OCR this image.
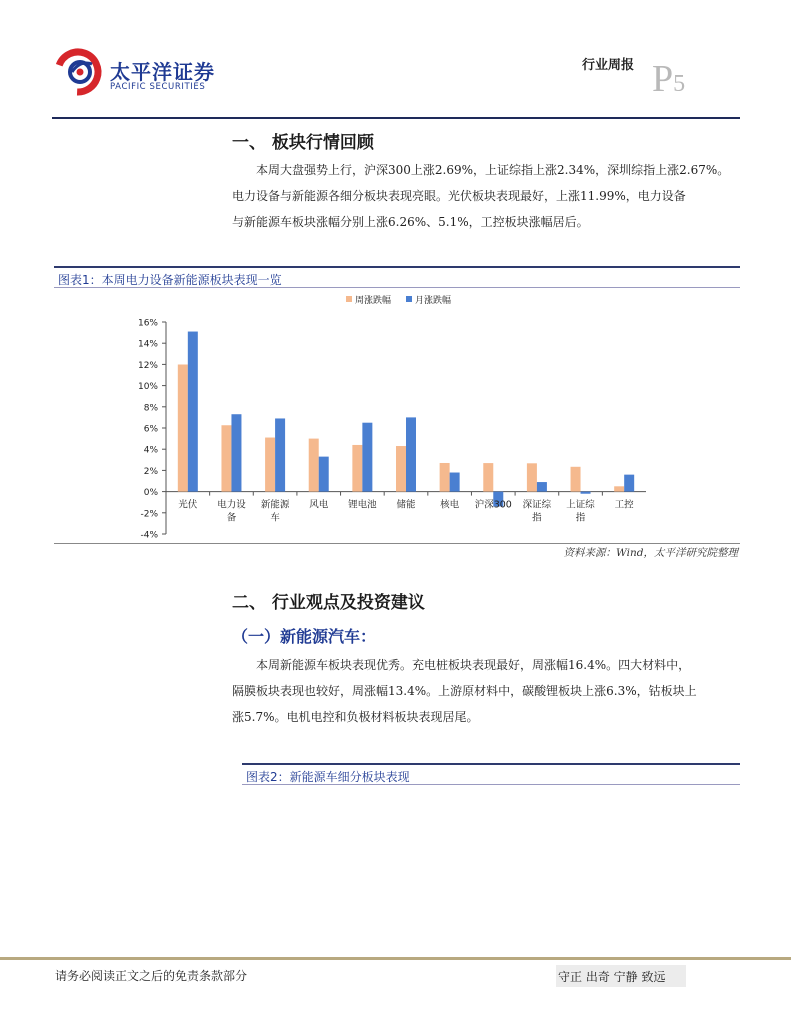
太平洋证券
PACIFIC SECURITIES
行业周报 P5
一、 板块行情回顾

本周大盘强势上行，沪深300上涨2.69%，上证综指上涨2.34%，深圳综指上涨2.67%。

电力设备与新能源各细分板块表现亮眼。光伏板块表现最好，上涨11.99%，电力设备

与新能源车板块涨幅分别上涨6.26%、5.1%，工控板块涨幅居后。

图表1：本周电力设备新能源板块表现一览
16%
14%
12%
10%
8%
6%
4%
2%
0%
-2%
-4%
光伏 电力设
备
新能源
车
风电 锂电池 储能	核电 沪深300 深证综
指
上证综
指
工控
周涨跌幅	月涨跌幅
资料来源：Wind，太平洋研究院整理
二、 行业观点及投资建议
（一）新能源汽车：

本周新能源车板块表现优秀。充电桩板块表现最好，周涨幅16.4%。四大材料中，

隔膜板块表现也较好，周涨幅13.4%。上游原材料中，碳酸锂板块上涨6.3%，钴板块上

涨5.7%。电机电控和负极材料板块表现居尾。

图表2：新能源车细分板块表现
请务必阅读正文之后的免责条款部分	守正 出奇 宁静 致远
